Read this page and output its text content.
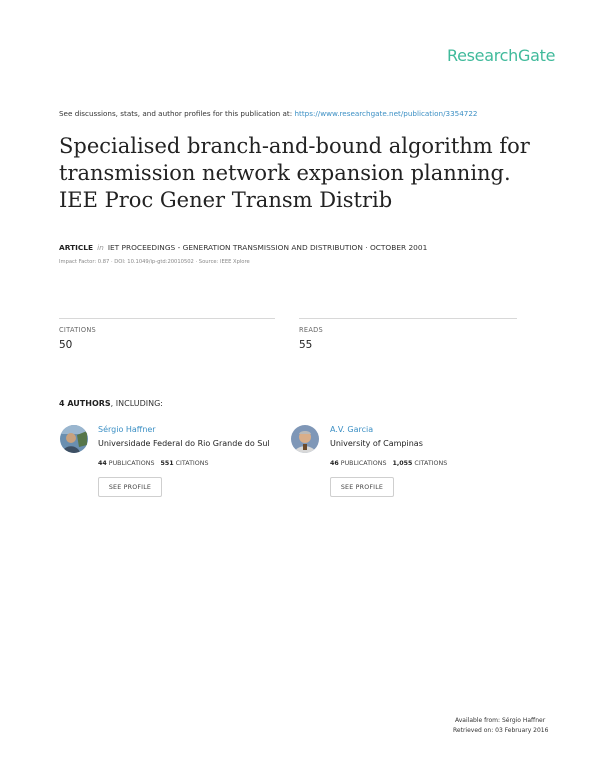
ResearchGate
See discussions, stats, and author profiles for this publication at: https://www.researchgate.net/publication/3354722
Specialised branch-and-bound algorithm for transmission network expansion planning. IEE Proc Gener Transm Distrib
ARTICLE in IET PROCEEDINGS - GENERATION TRANSMISSION AND DISTRIBUTION · OCTOBER 2001
Impact Factor: 0.87 · DOI: 10.1049/ip-gtd:20010502 · Source: IEEE Xplore
CITATIONS
50
READS
55
4 AUTHORS, INCLUDING:
Sérgio Haffner
Universidade Federal do Rio Grande do Sul
44 PUBLICATIONS 551 CITATIONS
SEE PROFILE
A.V. Garcia
University of Campinas
46 PUBLICATIONS 1,055 CITATIONS
SEE PROFILE
Available from: Sérgio Haffner
Retrieved on: 03 February 2016
